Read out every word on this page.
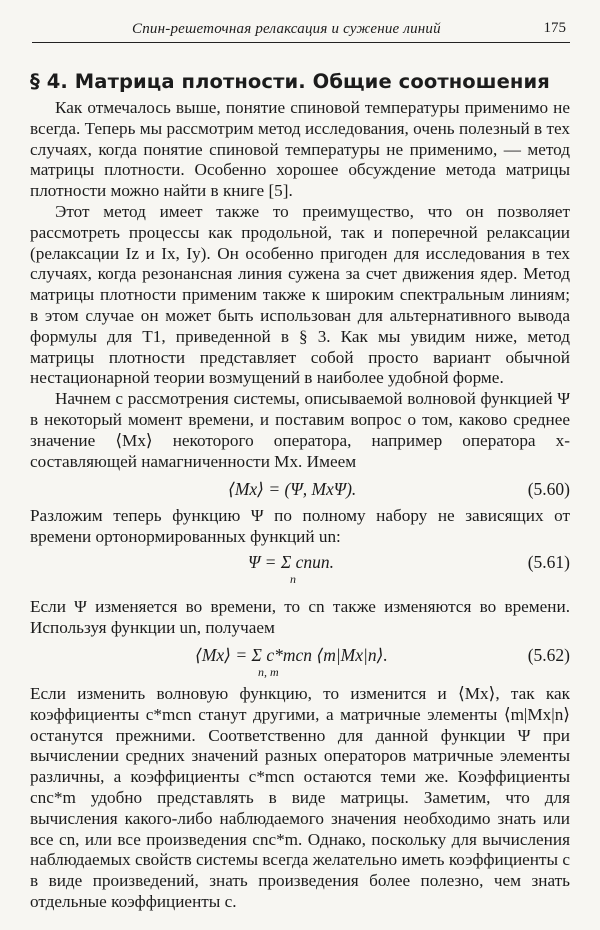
Спин-решеточная релаксация и сужение линий	175
§ 4. Матрица плотности. Общие соотношения

Как отмечалось выше, понятие спиновой температуры применимо не всегда. Теперь мы рассмотрим метод исследования, очень полезный в тех случаях, когда понятие спиновой температуры не применимо, — метод матрицы плотности. Особенно хорошее обсуждение метода матрицы плотности можно найти в книге [5].

Этот метод имеет также то преимущество, что он позволяет рассмотреть процессы как продольной, так и поперечной релаксации (релаксации Iz и Ix, Iy). Он особенно пригоден для исследования в тех случаях, когда резонансная линия сужена за счет движения ядер. Метод матрицы плотности применим также к широким спектральным линиям; в этом случае он может быть использован для альтернативного вывода формулы для T1, приведенной в § 3. Как мы увидим ниже, метод матрицы плотности представляет собой просто вариант обычной нестационарной теории возмущений в наиболее удобной форме.

Начнем с рассмотрения системы, описываемой волновой функцией Ψ в некоторый момент времени, и поставим вопрос о том, каково среднее значение ⟨Mx⟩ некоторого оператора, например оператора x-составляющей намагниченности Mx. Имеем

⟨Mx⟩ = (Ψ, MxΨ).	(5.60)

Разложим теперь функцию Ψ по полному набору не зависящих от времени ортонормированных функций un:

Ψ = Σ cnun.
n
(5.61)

Если Ψ изменяется во времени, то cn также изменяются во времени. Используя функции un, получаем

⟨Mx⟩ = Σ c*mcn ⟨m|Mx|n⟩.
n, m
(5.62)

Если изменить волновую функцию, то изменится и ⟨Mx⟩, так как коэффициенты c*mcn станут другими, а матричные элементы ⟨m|Mx|n⟩ останутся прежними. Соответственно для данной функции Ψ при вычислении средних значений разных операторов матричные элементы различны, а коэффициенты c*mcn остаются теми же. Коэффициенты cnc*m удобно представлять в виде матрицы. Заметим, что для вычисления какого-либо наблюдаемого значения необходимо знать или все cn, или все произведения cnc*m. Однако, поскольку для вычисления наблюдаемых свойств системы всегда желательно иметь коэффициенты c в виде произведений, знать произведения более полезно, чем знать отдельные коэффициенты c.
